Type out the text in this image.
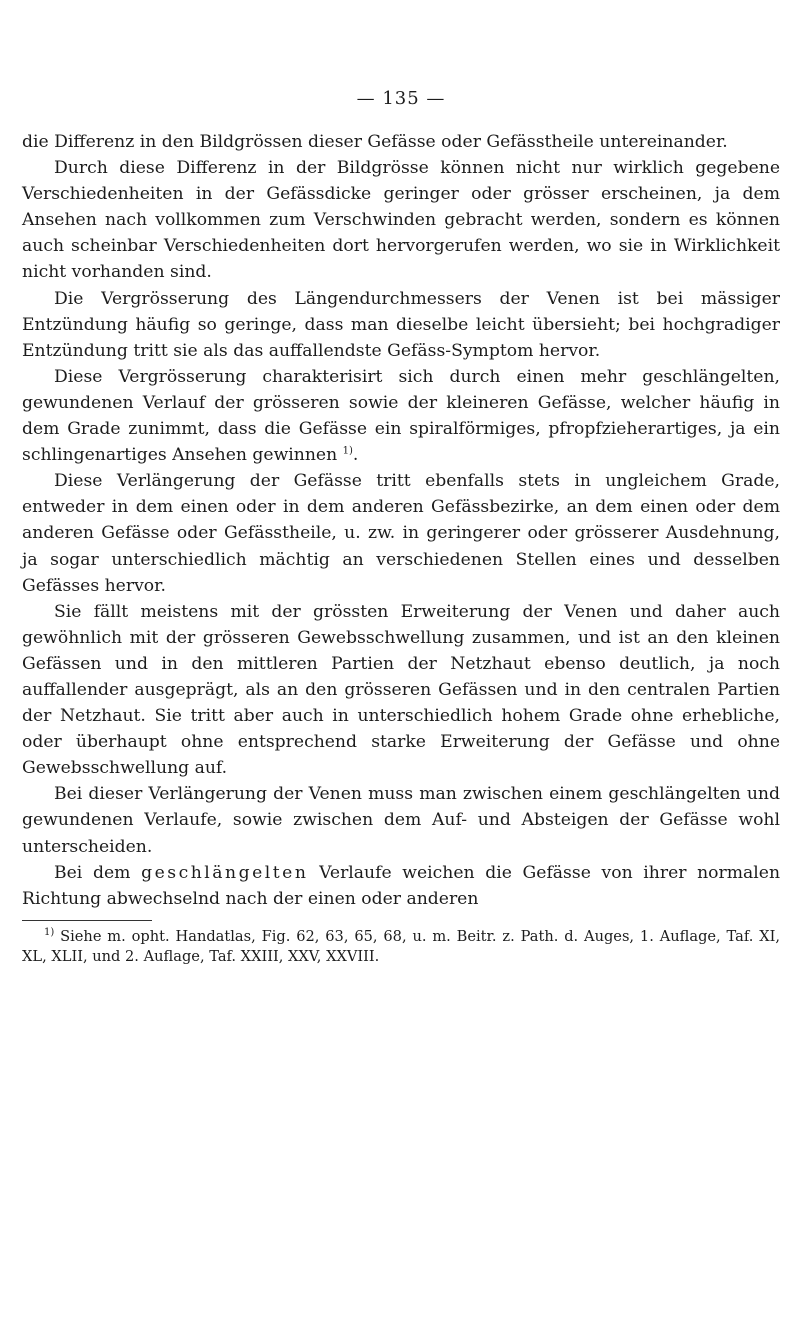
— 135 —

die Differenz in den Bildgrössen dieser Gefässe oder Gefässtheile untereinander.

Durch diese Differenz in der Bildgrösse können nicht nur wirklich gegebene Verschiedenheiten in der Gefässdicke geringer oder grösser erscheinen, ja dem Ansehen nach vollkommen zum Verschwinden gebracht werden, sondern es können auch scheinbar Verschiedenheiten dort hervorgerufen werden, wo sie in Wirklichkeit nicht vorhanden sind.

Die Vergrösserung des Längendurchmessers der Venen ist bei mässiger Entzündung häufig so geringe, dass man dieselbe leicht übersieht; bei hochgradiger Entzündung tritt sie als das auffallendste Gefäss-Symptom hervor.

Diese Vergrösserung charakterisirt sich durch einen mehr geschlängelten, gewundenen Verlauf der grösseren sowie der kleineren Gefässe, welcher häufig in dem Grade zunimmt, dass die Gefässe ein spiralförmiges, pfropfzieherartiges, ja ein schlingenartiges Ansehen gewinnen $^{1)}$.

Diese Verlängerung der Gefässe tritt ebenfalls stets in ungleichem Grade, entweder in dem einen oder in dem anderen Gefässbezirke, an dem einen oder dem anderen Gefässe oder Gefässtheile, u. zw. in geringerer oder grösserer Ausdehnung, ja sogar unterschiedlich mächtig an verschiedenen Stellen eines und desselben Gefässes hervor.

Sie fällt meistens mit der grössten Erweiterung der Venen und daher auch gewöhnlich mit der grösseren Gewebsschwellung zusammen, und ist an den kleinen Gefässen und in den mittleren Partien der Netzhaut ebenso deutlich, ja noch auffallender ausgeprägt, als an den grösseren Gefässen und in den centralen Partien der Netzhaut. Sie tritt aber auch in unterschiedlich hohem Grade ohne erhebliche, oder überhaupt ohne entsprechend starke Erweiterung der Gefässe und ohne Gewebsschwellung auf.

Bei dieser Verlängerung der Venen muss man zwischen einem geschlängelten und gewundenen Verlaufe, sowie zwischen dem Auf- und Absteigen der Gefässe wohl unterscheiden.

Bei dem geschlängelten Verlaufe weichen die Gefässe von ihrer normalen Richtung abwechselnd nach der einen oder anderen

$^{1)}$ Siehe m. opht. Handatlas, Fig. 62, 63, 65, 68, u. m. Beitr. z. Path. d. Auges, 1. Auflage, Taf. XI, XL, XLII, und 2. Auflage, Taf. XXIII, XXV, XXVIII.
